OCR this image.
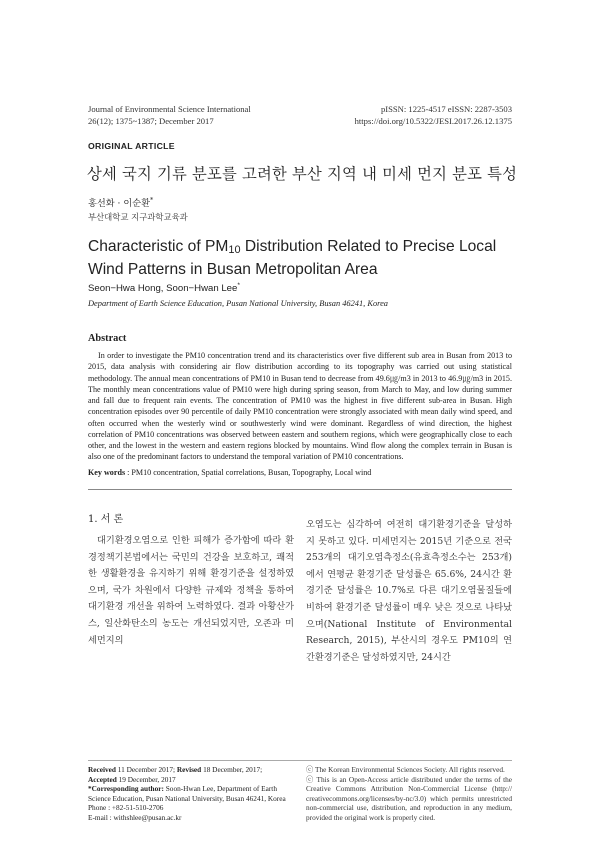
Journal of Environmental Science International
26(12); 1375~1387; December 2017
pISSN: 1225-4517 eISSN: 2287-3503
https://doi.org/10.5322/JESI.2017.26.12.1375
ORIGINAL ARTICLE
상세 국지 기류 분포를 고려한 부산 지역 내 미세 먼지 분포 특성
홍선화 · 이순환*
부산대학교 지구과학교육과
Characteristic of $PM_{10}$ Distribution Related to Precise Local Wind Patterns in Busan Metropolitan Area
Seon−Hwa Hong, Soon−Hwan Lee*
Department of Earth Science Education, Pusan National University, Busan 46241, Korea
Abstract
In order to investigate the PM10 concentration trend and its characteristics over five different sub area in Busan from 2013 to 2015, data analysis with considering air flow distribution according to its topography was carried out using statistical methodology. The annual mean concentrations of PM10 in Busan tend to decrease from 49.6㎍/m3 in 2013 to 46.9㎍/m3 in 2015. The monthly mean concentrations value of PM10 were high during spring season, from March to May, and low during summer and fall due to frequent rain events. The concentration of PM10 was the highest in five different sub-area in Busan. High concentration episodes over 90 percentile of daily PM10 concentration were strongly associated with mean daily wind speed, and often occurred when the westerly wind or southwesterly wind were dominant. Regardless of wind direction, the highest correlation of PM10 concentrations was observed between eastern and southern regions, which were geographically close to each other, and the lowest in the western and eastern regions blocked by mountains. Wind flow along the complex terrain in Busan is also one of the predominant factors to understand the temporal variation of PM10 concentrations.
Key words : PM10 concentration, Spatial correlations, Busan, Topography, Local wind
1. 서 론
대기환경오염으로 인한 피해가 증가함에 따라 환경정책기본법에서는 국민의 건강을 보호하고, 쾌적한 생활환경을 유지하기 위해 환경기준을 설정하였으며, 국가 차원에서 다양한 규제와 정책을 통하여 대기환경 개선을 위하여 노력하였다. 결과 아황산가스, 일산화탄소의 농도는 개선되었지만, 오존과 미세먼지의
오염도는 심각하여 여전히 대기환경기준을 달성하지 못하고 있다. 미세먼지는 2015년 기준으로 전국 253개의 대기오염측정소(유효측정소수는 253개)에서 연평균 환경기준 달성률은 65.6%, 24시간 환경기준 달성률은 10.7%로 다른 대기오염물질들에 비하여 환경기준 달성률이 매우 낮은 것으로 나타났으며(National Institute of Environmental Research, 2015), 부산시의 경우도 PM10의 연간환경기준은 달성하였지만, 24시간
Received 11 December 2017; Revised 18 December, 2017;
Accepted 19 December, 2017
*Corresponding author: Soon-Hwan Lee, Department of Earth Science Education, Pusan National University, Busan 46241, Korea
Phone : +82-51-510-2706
E-mail : withshlee@pusan.ac.kr
ⓒ The Korean Environmental Sciences Society. All rights reserved.
ⓒ This is an Open-Access article distributed under the terms of the Creative Commons Attribution Non-Commercial License (http:// creativecommons.org/licenses/by-nc/3.0) which permits unrestricted non-commercial use, distribution, and reproduction in any medium, provided the original work is properly cited.
